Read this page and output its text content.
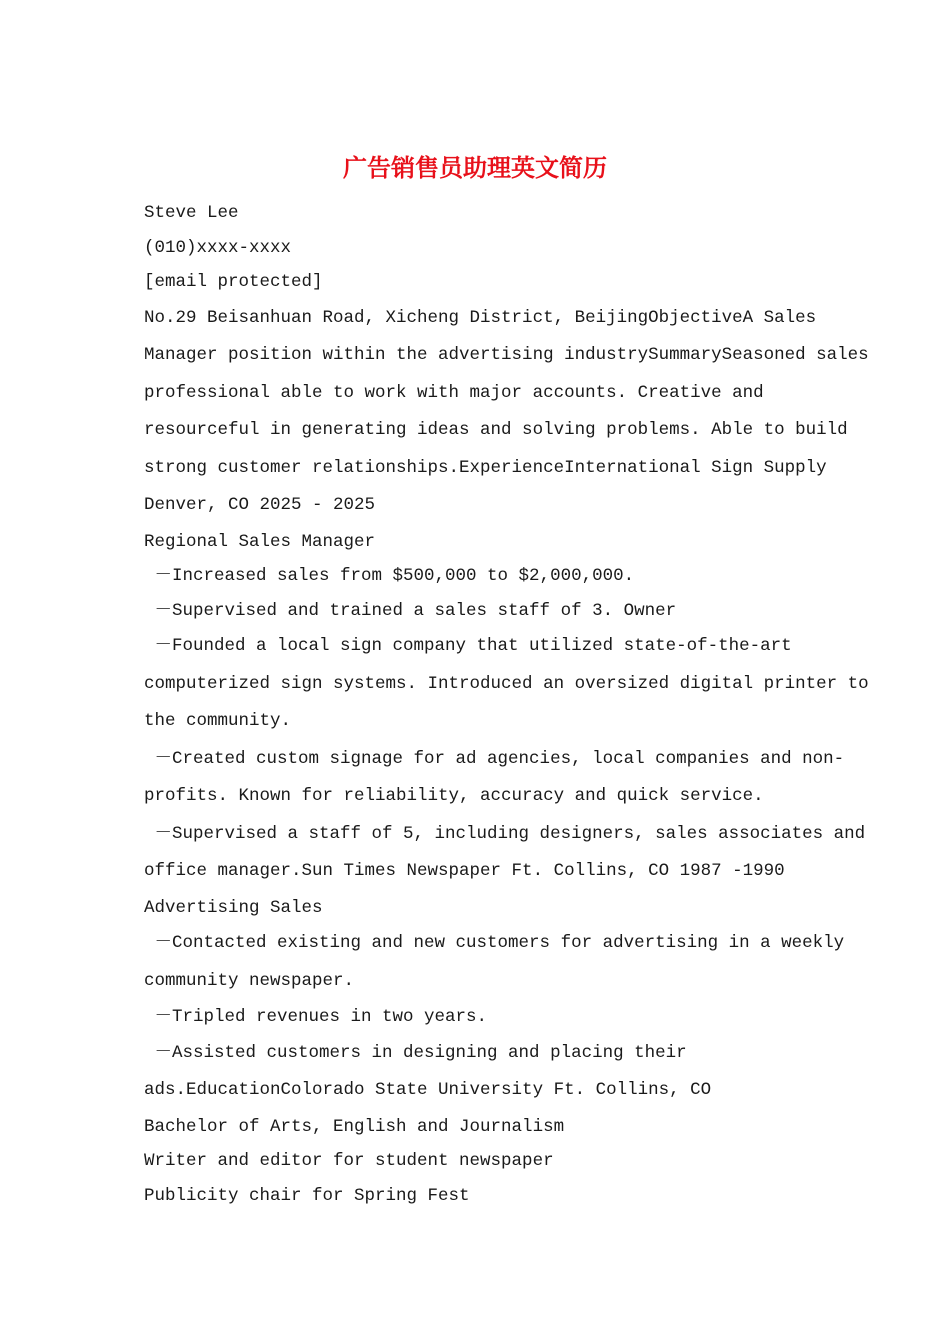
广告销售员助理英文简历

Steve Lee

(010)xxxx-xxxx

[email protected]

No.29 Beisanhuan Road, Xicheng District, BeijingObjectiveA Sales
Manager position within the advertising industrySummarySeasoned sales
professional able to work with major accounts. Creative and
resourceful in generating ideas and solving problems. Able to build
strong customer relationships.ExperienceInternational Sign Supply
Denver, CO 2025 - 2025

Regional Sales Manager

－Increased sales from $500,000 to $2,000,000.

－Supervised and trained a sales staff of 3. Owner

－Founded a local sign company that utilized state-of-the-art
computerized sign systems. Introduced an oversized digital printer to
the community.

－Created custom signage for ad agencies, local companies and non-
profits. Known for reliability, accuracy and quick service.

－Supervised a staff of 5, including designers, sales associates and
office manager.Sun Times Newspaper Ft. Collins, CO 1987 -1990

Advertising Sales

－Contacted existing and new customers for advertising in a weekly
community newspaper.

－Tripled revenues in two years.

－Assisted customers in designing and placing their
ads.EducationColorado State University Ft. Collins, CO

Bachelor of Arts, English and Journalism

Writer and editor for student newspaper

Publicity chair for Spring Fest
